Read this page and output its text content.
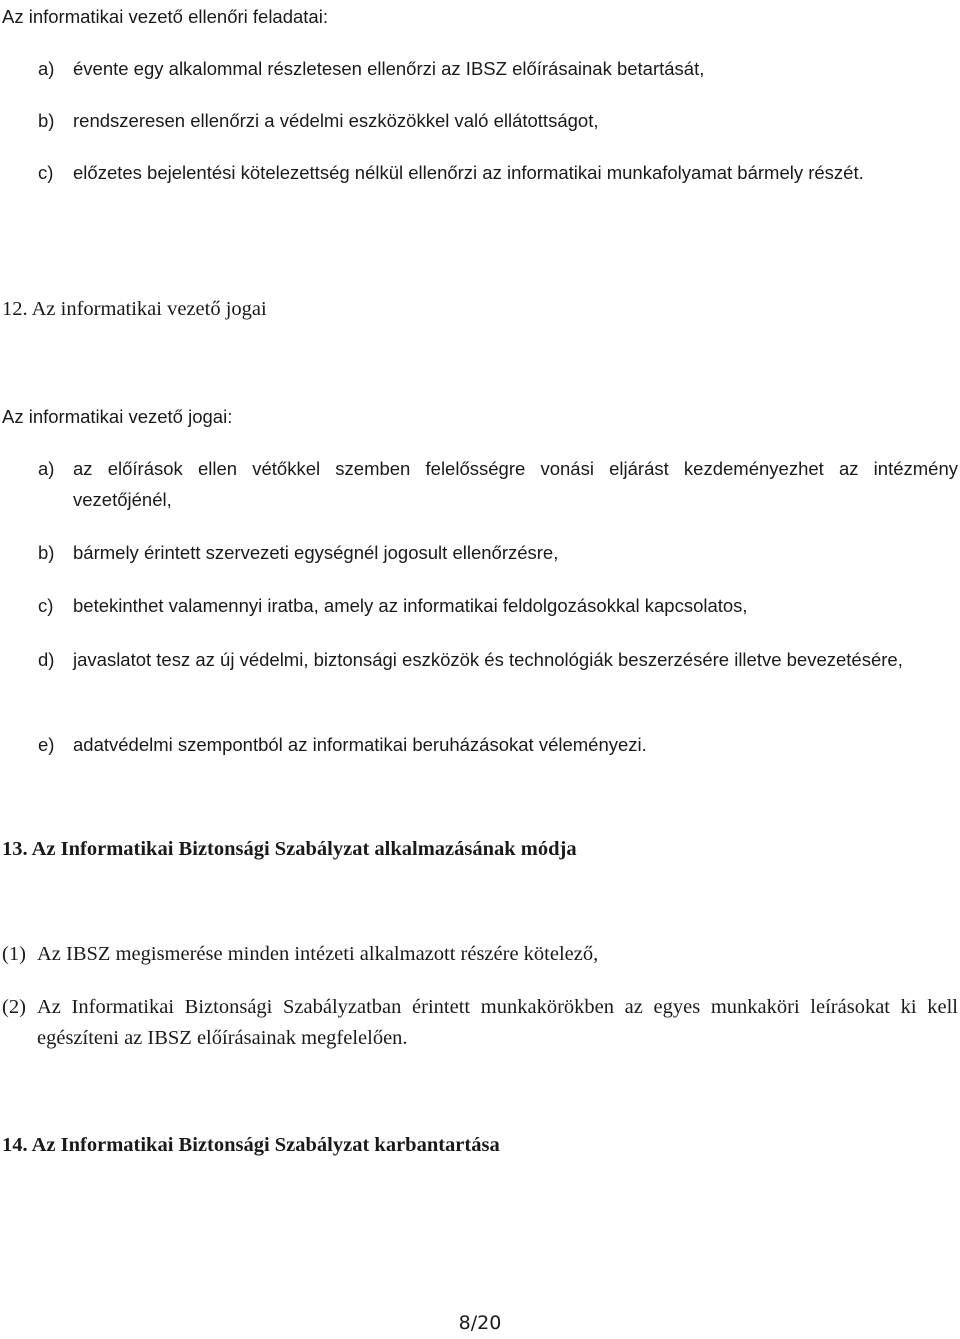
Az informatikai vezető ellenőri feladatai:
a) évente egy alkalommal részletesen ellenőrzi az IBSZ előírásainak betartását,
b) rendszeresen ellenőrzi a védelmi eszközökkel való ellátottságot,
c) előzetes bejelentési kötelezettség nélkül ellenőrzi az informatikai munkafolyamat bármely részét.
12. Az informatikai vezető jogai
Az informatikai vezető jogai:
a) az előírások ellen vétőkkel szemben felelősségre vonási eljárást kezdeményezhet az intézmény vezetőjénél,
b) bármely érintett szervezeti egységnél jogosult ellenőrzésre,
c) betekinthet valamennyi iratba, amely az informatikai feldolgozásokkal kapcsolatos,
d) javaslatot tesz az új védelmi, biztonsági eszközök és technológiák beszerzésére illetve bevezetésére,
e) adatvédelmi szempontból az informatikai beruházásokat véleményezi.
13. Az Informatikai Biztonsági Szabályzat alkalmazásának módja
(1) Az IBSZ megismerése minden intézeti alkalmazott részére kötelező,
(2) Az Informatikai Biztonsági Szabályzatban érintett munkakörökben az egyes munkaköri leírásokat ki kell egészíteni az IBSZ előírásainak megfelelően.
14. Az Informatikai Biztonsági Szabályzat karbantartása
8/20
